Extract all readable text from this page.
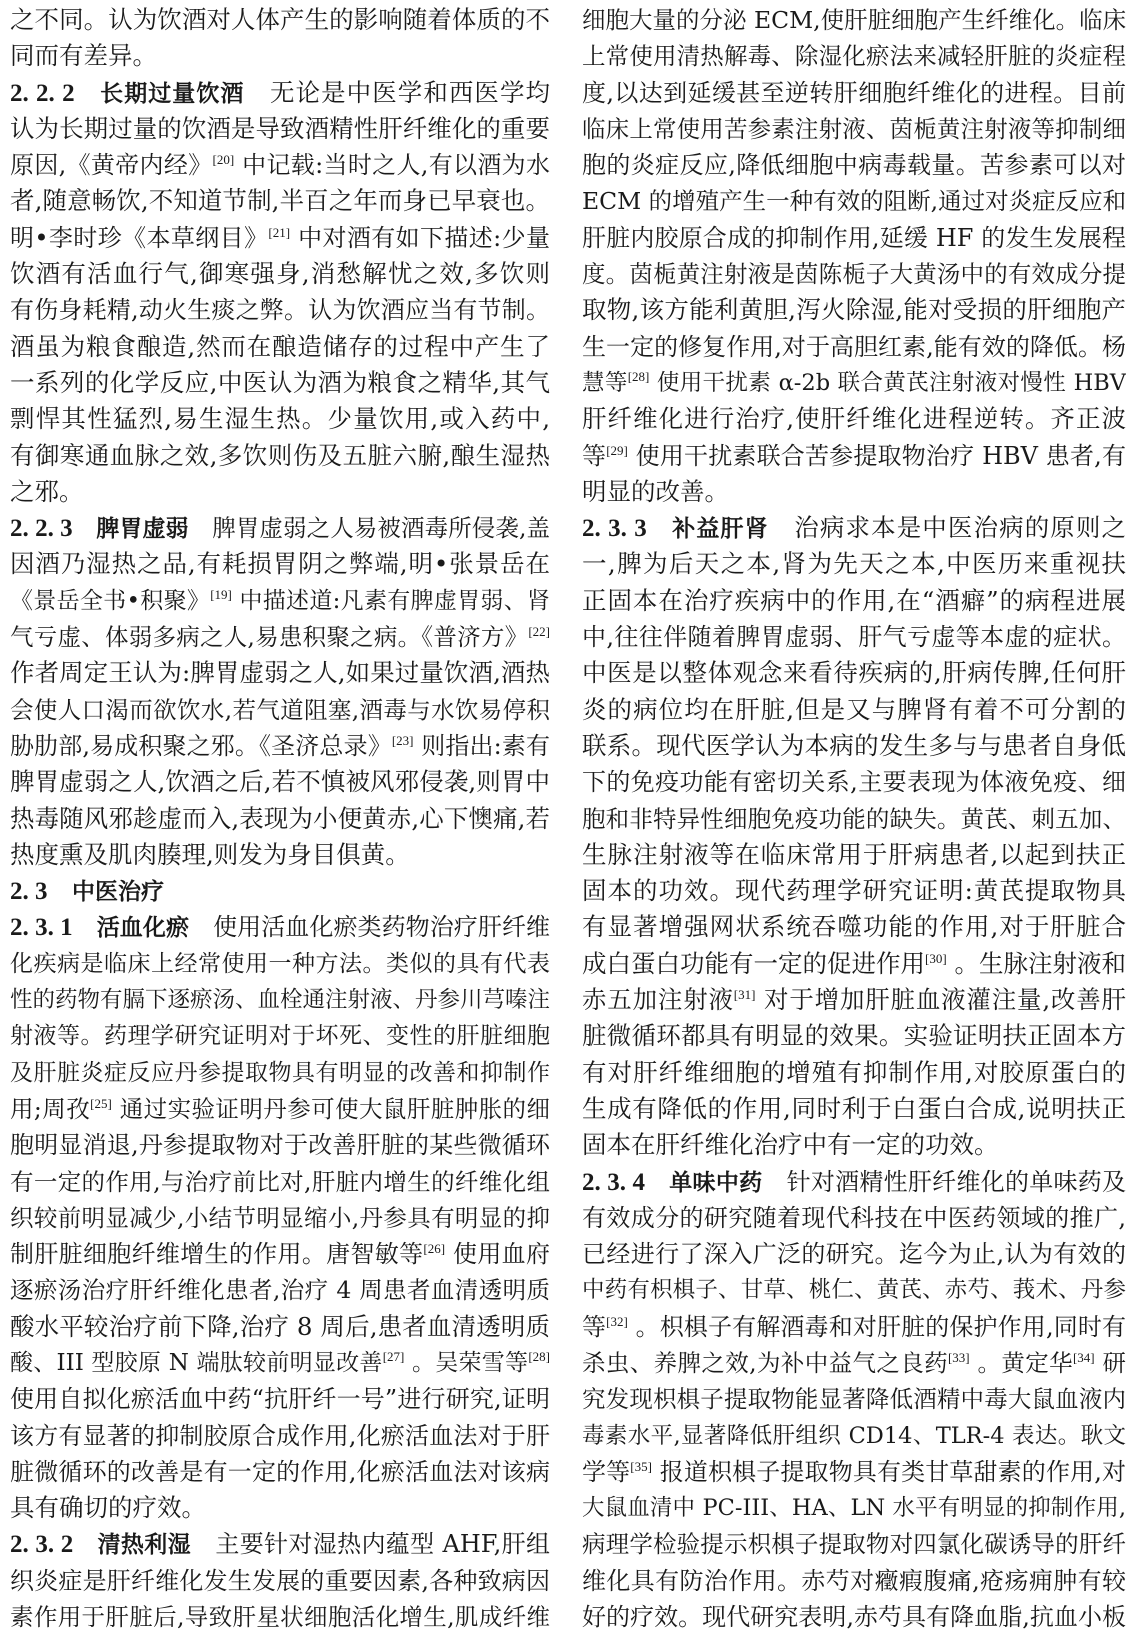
之不同。认为饮酒对人体产生的影响随着体质的不
同而有差异。
2. 2. 2  长期过量饮酒  无论是中医学和西医学均
认为长期过量的饮酒是导致酒精性肝纤维化的重要
原因,《黄帝内经》[20] 中记载:当时之人,有以酒为水
者,随意畅饮,不知道节制,半百之年而身已早衰也。
明•李时珍《本草纲目》[21] 中对酒有如下描述:少量
饮酒有活血行气,御寒强身,消愁解忧之效,多饮则
有伤身耗精,动火生痰之弊。认为饮酒应当有节制。
酒虽为粮食酿造,然而在酿造储存的过程中产生了
一系列的化学反应,中医认为酒为粮食之精华,其气
剽悍其性猛烈,易生湿生热。少量饮用,或入药中,
有御寒通血脉之效,多饮则伤及五脏六腑,酿生湿热
之邪。
2. 2. 3  脾胃虚弱  脾胃虚弱之人易被酒毒所侵袭,盖
因酒乃湿热之品,有耗损胃阴之弊端,明•张景岳在
《景岳全书•积聚》[19] 中描述道:凡素有脾虚胃弱、肾
气亏虚、体弱多病之人,易患积聚之病。《普济方》[22]
作者周定王认为:脾胃虚弱之人,如果过量饮酒,酒热
会使人口渴而欲饮水,若气道阻塞,酒毒与水饮易停积
胁肋部,易成积聚之邪。《圣济总录》[23] 则指出:素有
脾胃虚弱之人,饮酒之后,若不慎被风邪侵袭,则胃中
热毒随风邪趁虚而入,表现为小便黄赤,心下懊痛,若
热度熏及肌肉腠理,则发为身目俱黄。
2. 3  中医治疗 
2. 3. 1  活血化瘀  使用活血化瘀类药物治疗肝纤维
化疾病是临床上经常使用一种方法。类似的具有代表
性的药物有膈下逐瘀汤、血栓通注射液、丹参川芎嗪注
射液等。药理学研究证明对于坏死、变性的肝脏细胞
及肝脏炎症反应丹参提取物具有明显的改善和抑制作
用;周孜[25] 通过实验证明丹参可使大鼠肝脏肿胀的细
胞明显消退,丹参提取物对于改善肝脏的某些微循环
有一定的作用,与治疗前比对,肝脏内增生的纤维化组
织较前明显减少,小结节明显缩小,丹参具有明显的抑
制肝脏细胞纤维增生的作用。唐智敏等[26] 使用血府
逐瘀汤治疗肝纤维化患者,治疗 4 周患者血清透明质
酸水平较治疗前下降,治疗 8 周后,患者血清透明质
酸、III 型胶原 N 端肽较前明显改善[27] 。吴荣雪等[28]
使用自拟化瘀活血中药“抗肝纤一号”进行研究,证明
该方有显著的抑制胶原合成作用,化瘀活血法对于肝
脏微循环的改善是有一定的作用,化瘀活血法对该病
具有确切的疗效。
2. 3. 2  清热利湿  主要针对湿热内蕴型 AHF,肝组
织炎症是肝纤维化发生发展的重要因素,各种致病因
素作用于肝脏后,导致肝星状细胞活化增生,肌成纤维
细胞大量的分泌 ECM,使肝脏细胞产生纤维化。临床
上常使用清热解毒、除湿化瘀法来减轻肝脏的炎症程
度,以达到延缓甚至逆转肝细胞纤维化的进程。目前
临床上常使用苦参素注射液、茵栀黄注射液等抑制细
胞的炎症反应,降低细胞中病毒载量。苦参素可以对
ECM 的增殖产生一种有效的阻断,通过对炎症反应和
肝脏内胶原合成的抑制作用,延缓 HF 的发生发展程
度。茵栀黄注射液是茵陈栀子大黄汤中的有效成分提
取物,该方能利黄胆,泻火除湿,能对受损的肝细胞产
生一定的修复作用,对于高胆红素,能有效的降低。杨
慧等[28] 使用干扰素 α-2b 联合黄芪注射液对慢性 HBV
肝纤维化进行治疗,使肝纤维化进程逆转。齐正波
等[29] 使用干扰素联合苦参提取物治疗 HBV 患者,有
明显的改善。
2. 3. 3  补益肝肾  治病求本是中医治病的原则之
一,脾为后天之本,肾为先天之本,中医历来重视扶
正固本在治疗疾病中的作用,在“酒癖”的病程进展
中,往往伴随着脾胃虚弱、肝气亏虚等本虚的症状。
中医是以整体观念来看待疾病的,肝病传脾,任何肝
炎的病位均在肝脏,但是又与脾肾有着不可分割的
联系。现代医学认为本病的发生多与与患者自身低
下的免疫功能有密切关系,主要表现为体液免疫、细
胞和非特异性细胞免疫功能的缺失。黄芪、刺五加、
生脉注射液等在临床常用于肝病患者,以起到扶正
固本的功效。现代药理学研究证明:黄芪提取物具
有显著增强网状系统吞噬功能的作用,对于肝脏合
成白蛋白功能有一定的促进作用[30] 。生脉注射液和
赤五加注射液[31] 对于增加肝脏血液灌注量,改善肝
脏微循环都具有明显的效果。实验证明扶正固本方
有对肝纤维细胞的增殖有抑制作用,对胶原蛋白的
生成有降低的作用,同时利于白蛋白合成,说明扶正
固本在肝纤维化治疗中有一定的功效。
2. 3. 4  单味中药  针对酒精性肝纤维化的单味药及
有效成分的研究随着现代科技在中医药领域的推广,
已经进行了深入广泛的研究。迄今为止,认为有效的
中药有枳椇子、甘草、桃仁、黄芪、赤芍、莪术、丹参
等[32] 。枳椇子有解酒毒和对肝脏的保护作用,同时有
杀虫、养脾之效,为补中益气之良药[33] 。黄定华[34] 研
究发现枳椇子提取物能显著降低酒精中毒大鼠血液内
毒素水平,显著降低肝组织 CD14、TLR-4 表达。耿文
学等[35] 报道枳椇子提取物具有类甘草甜素的作用,对
大鼠血清中 PC-III、HA、LN 水平有明显的抑制作用,
病理学检验提示枳椇子提取物对四氯化碳诱导的肝纤
维化具有防治作用。赤芍对癥瘕腹痛,疮疡痈肿有较
好的疗效。现代研究表明,赤芍具有降血脂,抗血小板
